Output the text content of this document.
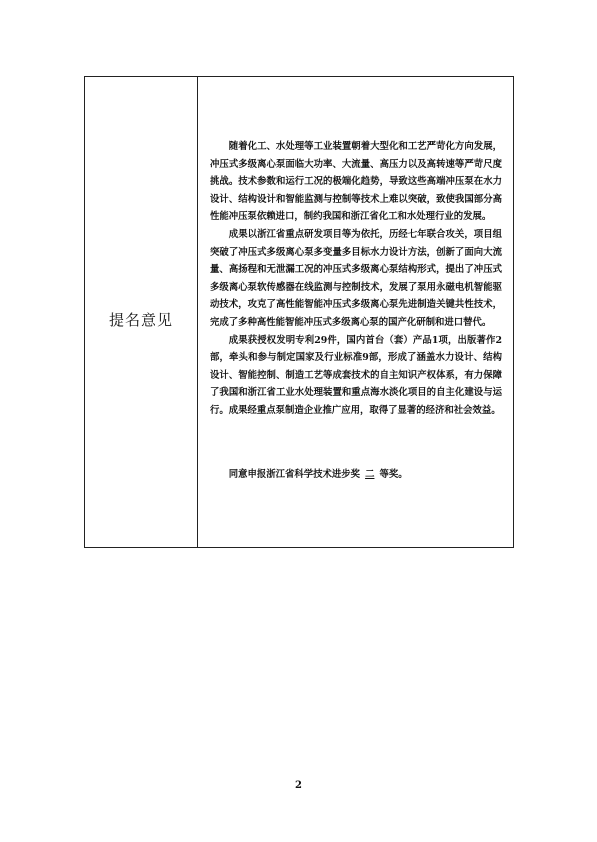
提名意见

随着化工、水处理等工业装置朝着大型化和工艺严苛化方向发展，冲压式多级离心泵面临大功率、大流量、高压力以及高转速等严苛尺度挑战。技术参数和运行工况的极端化趋势，导致这些高端冲压泵在水力设计、结构设计和智能监测与控制等技术上难以突破，致使我国部分高性能冲压泵依赖进口，制约我国和浙江省化工和水处理行业的发展。

成果以浙江省重点研发项目等为依托，历经七年联合攻关，项目组突破了冲压式多级离心泵多变量多目标水力设计方法，创新了面向大流量、高扬程和无泄漏工况的冲压式多级离心泵结构形式，提出了冲压式多级离心泵软传感器在线监测与控制技术，发展了泵用永磁电机智能驱动技术，攻克了高性能智能冲压式多级离心泵先进制造关键共性技术，完成了多种高性能智能冲压式多级离心泵的国产化研制和进口替代。

成果获授权发明专利29件，国内首台（套）产品1项，出版著作2部，牵头和参与制定国家及行业标准9部，形成了涵盖水力设计、结构设计、智能控制、制造工艺等成套技术的自主知识产权体系，有力保障了我国和浙江省工业水处理装置和重点海水淡化项目的自主化建设与运行。成果经重点泵制造企业推广应用，取得了显著的经济和社会效益。

同意申报浙江省科学技术进步奖 二 等奖。
2
